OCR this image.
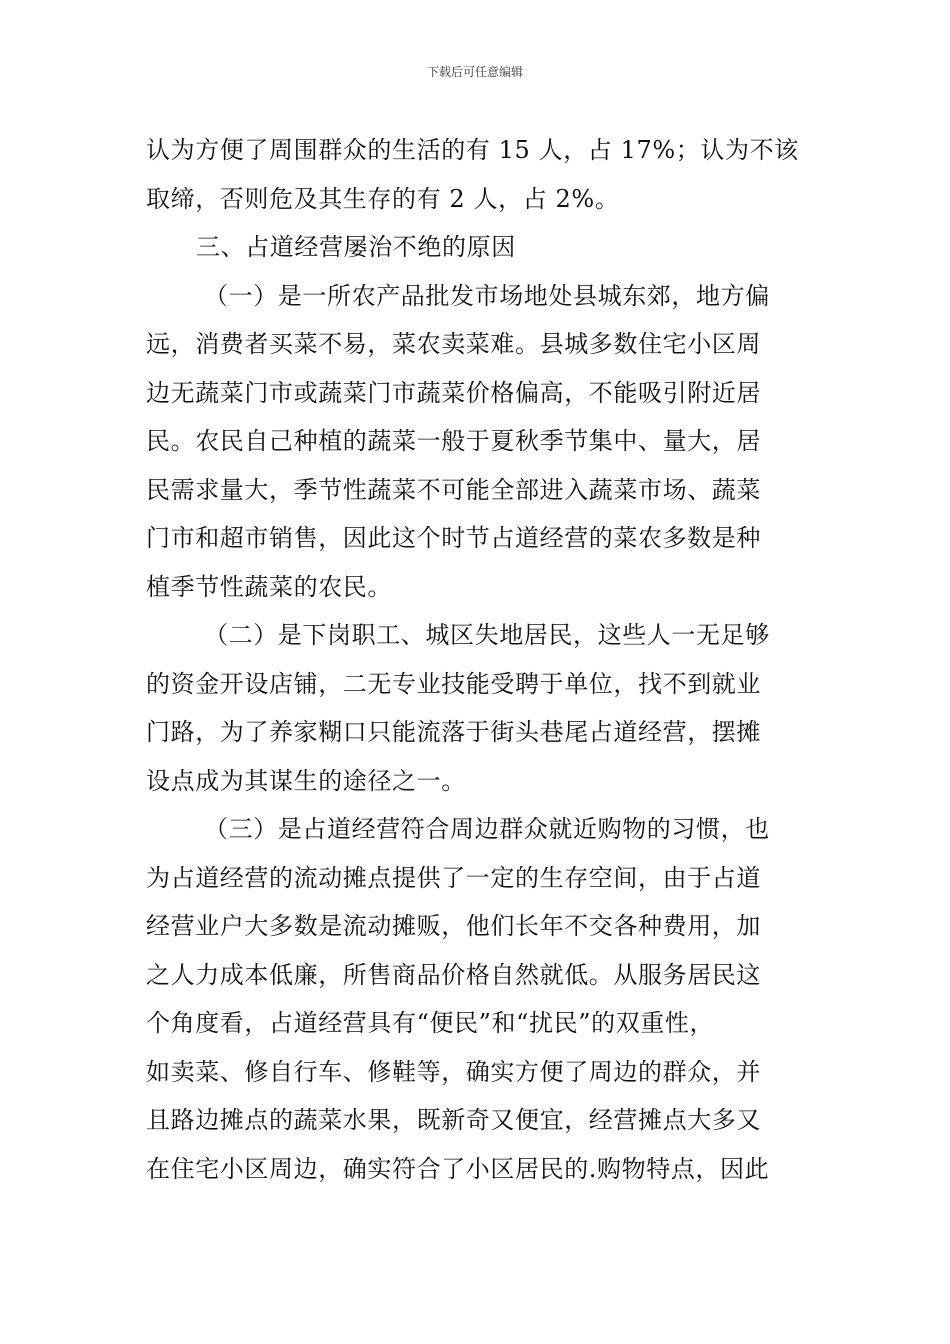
下载后可任意编辑
认为方便了周围群众的生活的有 15 人，占 17%；认为不该
取缔，否则危及其生存的有 2 人，占 2%。
三、占道经营屡治不绝的原因
（一）是一所农产品批发市场地处县城东郊，地方偏
远，消费者买菜不易，菜农卖菜难。县城多数住宅小区周
边无蔬菜门市或蔬菜门市蔬菜价格偏高，不能吸引附近居
民。农民自己种植的蔬菜一般于夏秋季节集中、量大，居
民需求量大，季节性蔬菜不可能全部进入蔬菜市场、蔬菜
门市和超市销售，因此这个时节占道经营的菜农多数是种
植季节性蔬菜的农民。
（二）是下岗职工、城区失地居民，这些人一无足够
的资金开设店铺，二无专业技能受聘于单位，找不到就业
门路，为了养家糊口只能流落于街头巷尾占道经营，摆摊
设点成为其谋生的途径之一。
（三）是占道经营符合周边群众就近购物的习惯，也
为占道经营的流动摊点提供了一定的生存空间，由于占道
经营业户大多数是流动摊贩，他们长年不交各种费用，加
之人力成本低廉，所售商品价格自然就低。从服务居民这
个角度看，占道经营具有“便民”和“扰民”的双重性，
如卖菜、修自行车、修鞋等，确实方便了周边的群众，并
且路边摊点的蔬菜水果，既新奇又便宜，经营摊点大多又
在住宅小区周边，确实符合了小区居民的.购物特点，因此
